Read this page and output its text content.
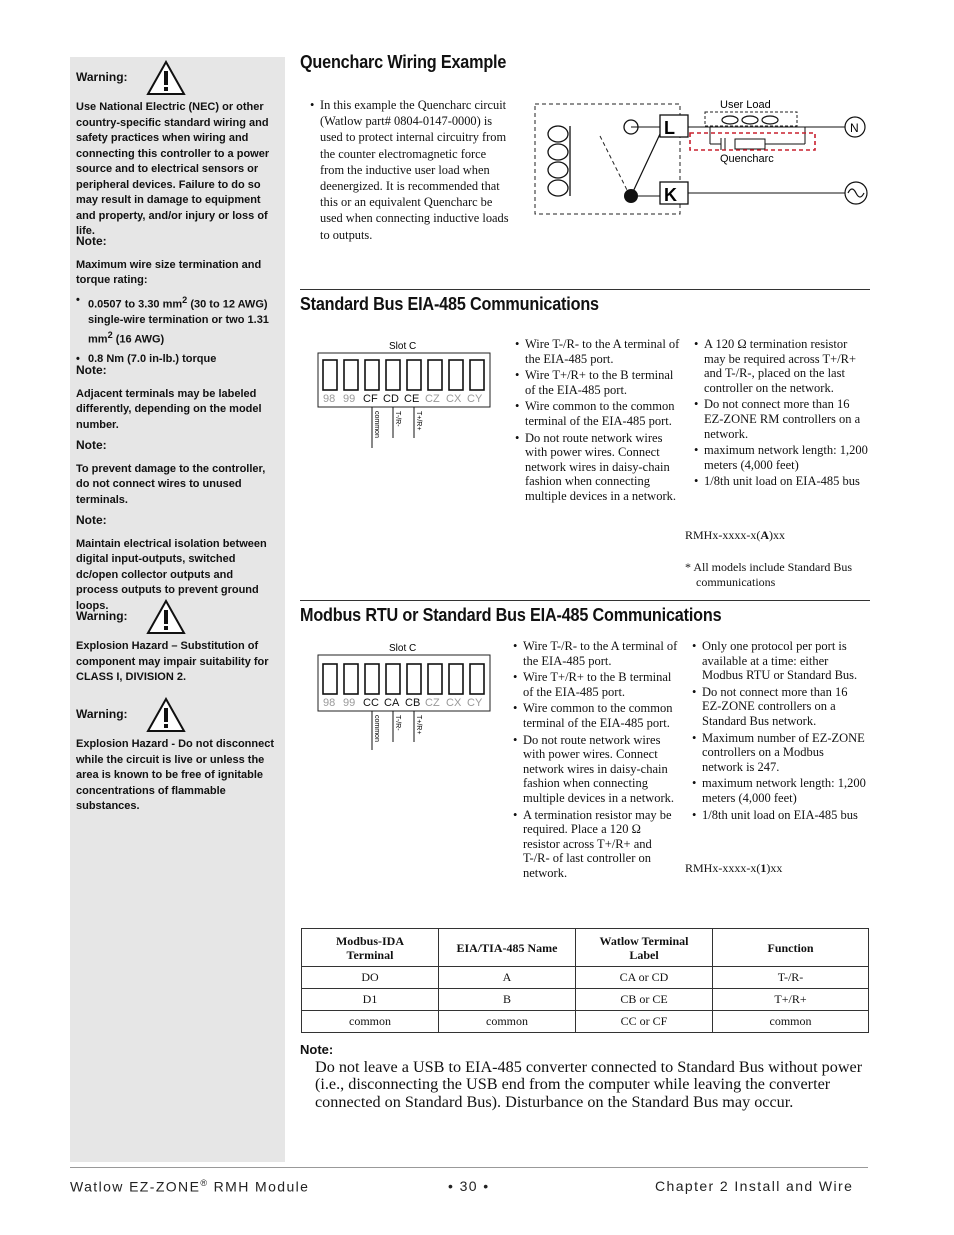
Warning:
Use National Electric (NEC) or other country-specific standard wiring and safety practices when wiring and connecting this controller to a power source and to electrical sensors or peripheral devices. Failure to do so may result in damage to equipment and property, and/or injury or loss of life.
Note:
Maximum wire size termination and torque rating:
• 0.0507 to 3.30 $mm^2$ (30 to 12 AWG) single-wire termination or two 1.31 $mm^2$ (16 AWG)
• 0.8 Nm (7.0 in-lb.) torque
Note:
Adjacent terminals may be labeled differently, depending on the model number.
Note:
To prevent damage to the controller, do not connect wires to unused terminals.
Note:
Maintain electrical isolation between digital input-outputs, switched dc/open collector outputs and process outputs to prevent ground loops.
Warning:
Explosion Hazard – Substitution of component may impair suitability for CLASS I, DIVISION 2.
Warning:
Explosion Hazard - Do not disconnect while the circuit is live or unless the area is known to be free of ignitable concentrations of flammable substances.
Quencharc Wiring Example
• In this example the Quencharc circuit (Watlow part# 0804-0147-0000) is used to protect internal circuitry from the counter electromagnetic force from the inductive user load when deenergized. It is recommended that this or an equivalent Quencharc be used when connecting inductive loads to outputs.
L
K
User Load
Quencharc
N
Standard Bus EIA-485 Communications
Slot C
98 99 CF CD CE CZ CX CY
common T-/R- T+/R+
• Wire T-/R- to the A terminal of the EIA-485 port.
• Wire T+/R+ to the B terminal of the EIA-485 port.
• Wire common to the common terminal of the EIA-485 port.
• Do not route network wires with power wires. Connect network wires in daisy-chain fashion when connecting multiple devices in a network.
• A 120 Ω termination resistor may be required across T+/R+ and T-/R-, placed on the last controller on the network.
• Do not connect more than 16 EZ-ZONE RM controllers on a network.
• maximum network length: 1,200 meters (4,000 feet)
• 1/8th unit load on EIA-485 bus
RMHx-xxxx-x(A)xx
* All models include Standard Bus communications
Modbus RTU or Standard Bus EIA-485 Communications
Slot C
98 99 CC CA CB CZ CX CY
common T-/R- T+/R+
• Wire T-/R- to the A terminal of the EIA-485 port.
• Wire T+/R+ to the B terminal of the EIA-485 port.
• Wire common to the common terminal of the EIA-485 port.
• Do not route network wires with power wires. Connect network wires in daisy-chain fashion when connecting multiple devices in a network.
• A termination resistor may be required. Place a 120 Ω resistor across T+/R+ and T-/R- of last controller on network.
• Only one protocol per port is available at a time: either Modbus RTU or Standard Bus.
• Do not connect more than 16 EZ-ZONE controllers on a Standard Bus network.
• Maximum number of EZ-ZONE controllers on a Modbus network is 247.
• maximum network length: 1,200 meters (4,000 feet)
• 1/8th unit load on EIA-485 bus
RMHx-xxxx-x(1)xx
Modbus-IDA
Terminal	EIA/TIA-485 Name	Watlow Terminal
Label	Function
DO	A	CA or CD	T-/R-
D1	B	CB or CE	T+/R+
common	common	CC or CF	common
Note:
Do not leave a USB to EIA-485 converter connected to Standard Bus without power (i.e., disconnecting the USB end from the computer while leaving the converter connected on Standard Bus). Disturbance on the Standard Bus may occur.
Watlow EZ-ZONE® RMH Module	• 30 •	Chapter 2 Install and Wire
